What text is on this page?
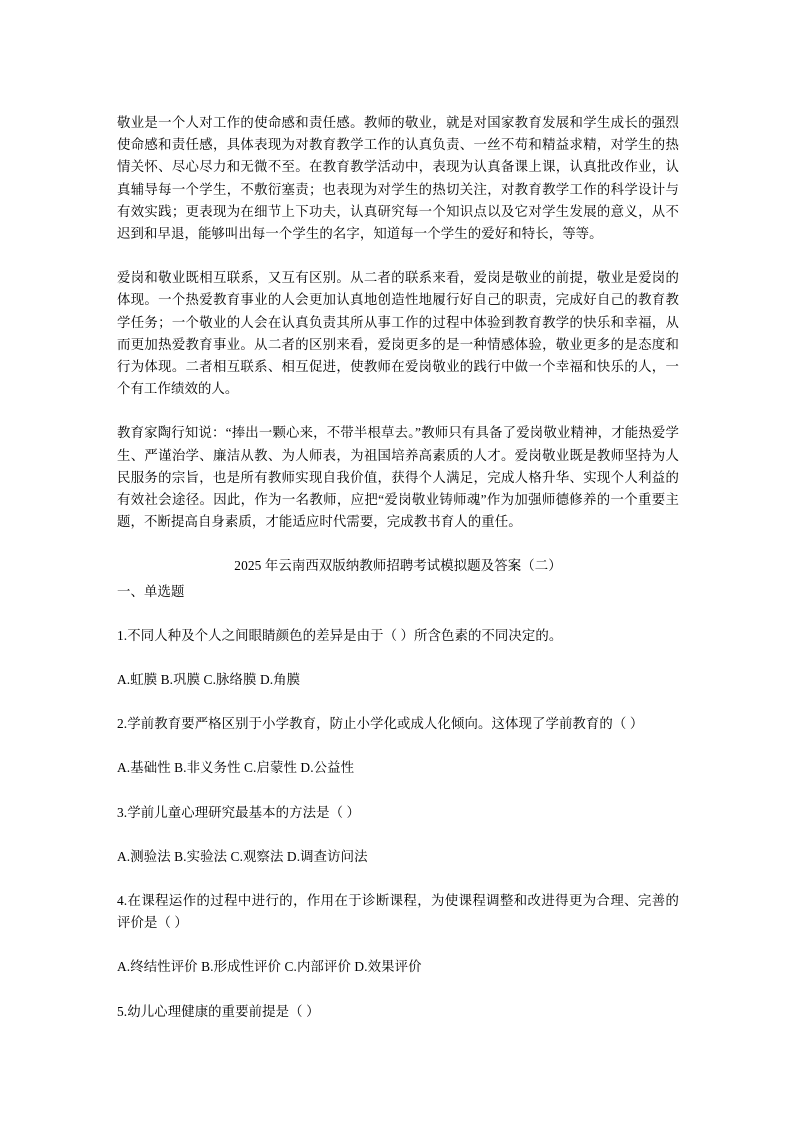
敬业是一个人对工作的使命感和责任感。教师的敬业，就是对国家教育发展和学生成长的强烈使命感和责任感，具体表现为对教育教学工作的认真负责、一丝不苟和精益求精，对学生的热情关怀、尽心尽力和无微不至。在教育教学活动中，表现为认真备课上课，认真批改作业，认真辅导每一个学生，不敷衍塞责；也表现为对学生的热切关注，对教育教学工作的科学设计与有效实践；更表现为在细节上下功夫，认真研究每一个知识点以及它对学生发展的意义，从不迟到和早退，能够叫出每一个学生的名字，知道每一个学生的爱好和特长，等等。

爱岗和敬业既相互联系，又互有区别。从二者的联系来看，爱岗是敬业的前提，敬业是爱岗的体现。一个热爱教育事业的人会更加认真地创造性地履行好自己的职责，完成好自己的教育教学任务；一个敬业的人会在认真负责其所从事工作的过程中体验到教育教学的快乐和幸福，从而更加热爱教育事业。从二者的区别来看，爱岗更多的是一种情感体验，敬业更多的是态度和行为体现。二者相互联系、相互促进，使教师在爱岗敬业的践行中做一个幸福和快乐的人，一个有工作绩效的人。

教育家陶行知说：“捧出一颗心来，不带半根草去。”教师只有具备了爱岗敬业精神，才能热爱学生、严谨治学、廉洁从教、为人师表，为祖国培养高素质的人才。爱岗敬业既是教师坚持为人民服务的宗旨，也是所有教师实现自我价值，获得个人满足，完成人格升华、实现个人利益的有效社会途径。因此，作为一名教师，应把“爱岗敬业铸师魂”作为加强师德修养的一个重要主题，不断提高自身素质，才能适应时代需要，完成教书育人的重任。

2025 年云南西双版纳教师招聘考试模拟题及答案（二）

一、单选题

1.不同人种及个人之间眼睛颜色的差异是由于（ ）所含色素的不同决定的。

A.虹膜 B.巩膜 C.脉络膜 D.角膜

2.学前教育要严格区别于小学教育，防止小学化或成人化倾向。这体现了学前教育的（ ）

A.基础性 B.非义务性 C.启蒙性 D.公益性

3.学前儿童心理研究最基本的方法是（ ）

A.测验法 B.实验法 C.观察法 D.调查访问法

4.在课程运作的过程中进行的，作用在于诊断课程，为使课程调整和改进得更为合理、完善的评价是（ ）

A.终结性评价 B.形成性评价 C.内部评价 D.效果评价

5.幼儿心理健康的重要前提是（ ）
